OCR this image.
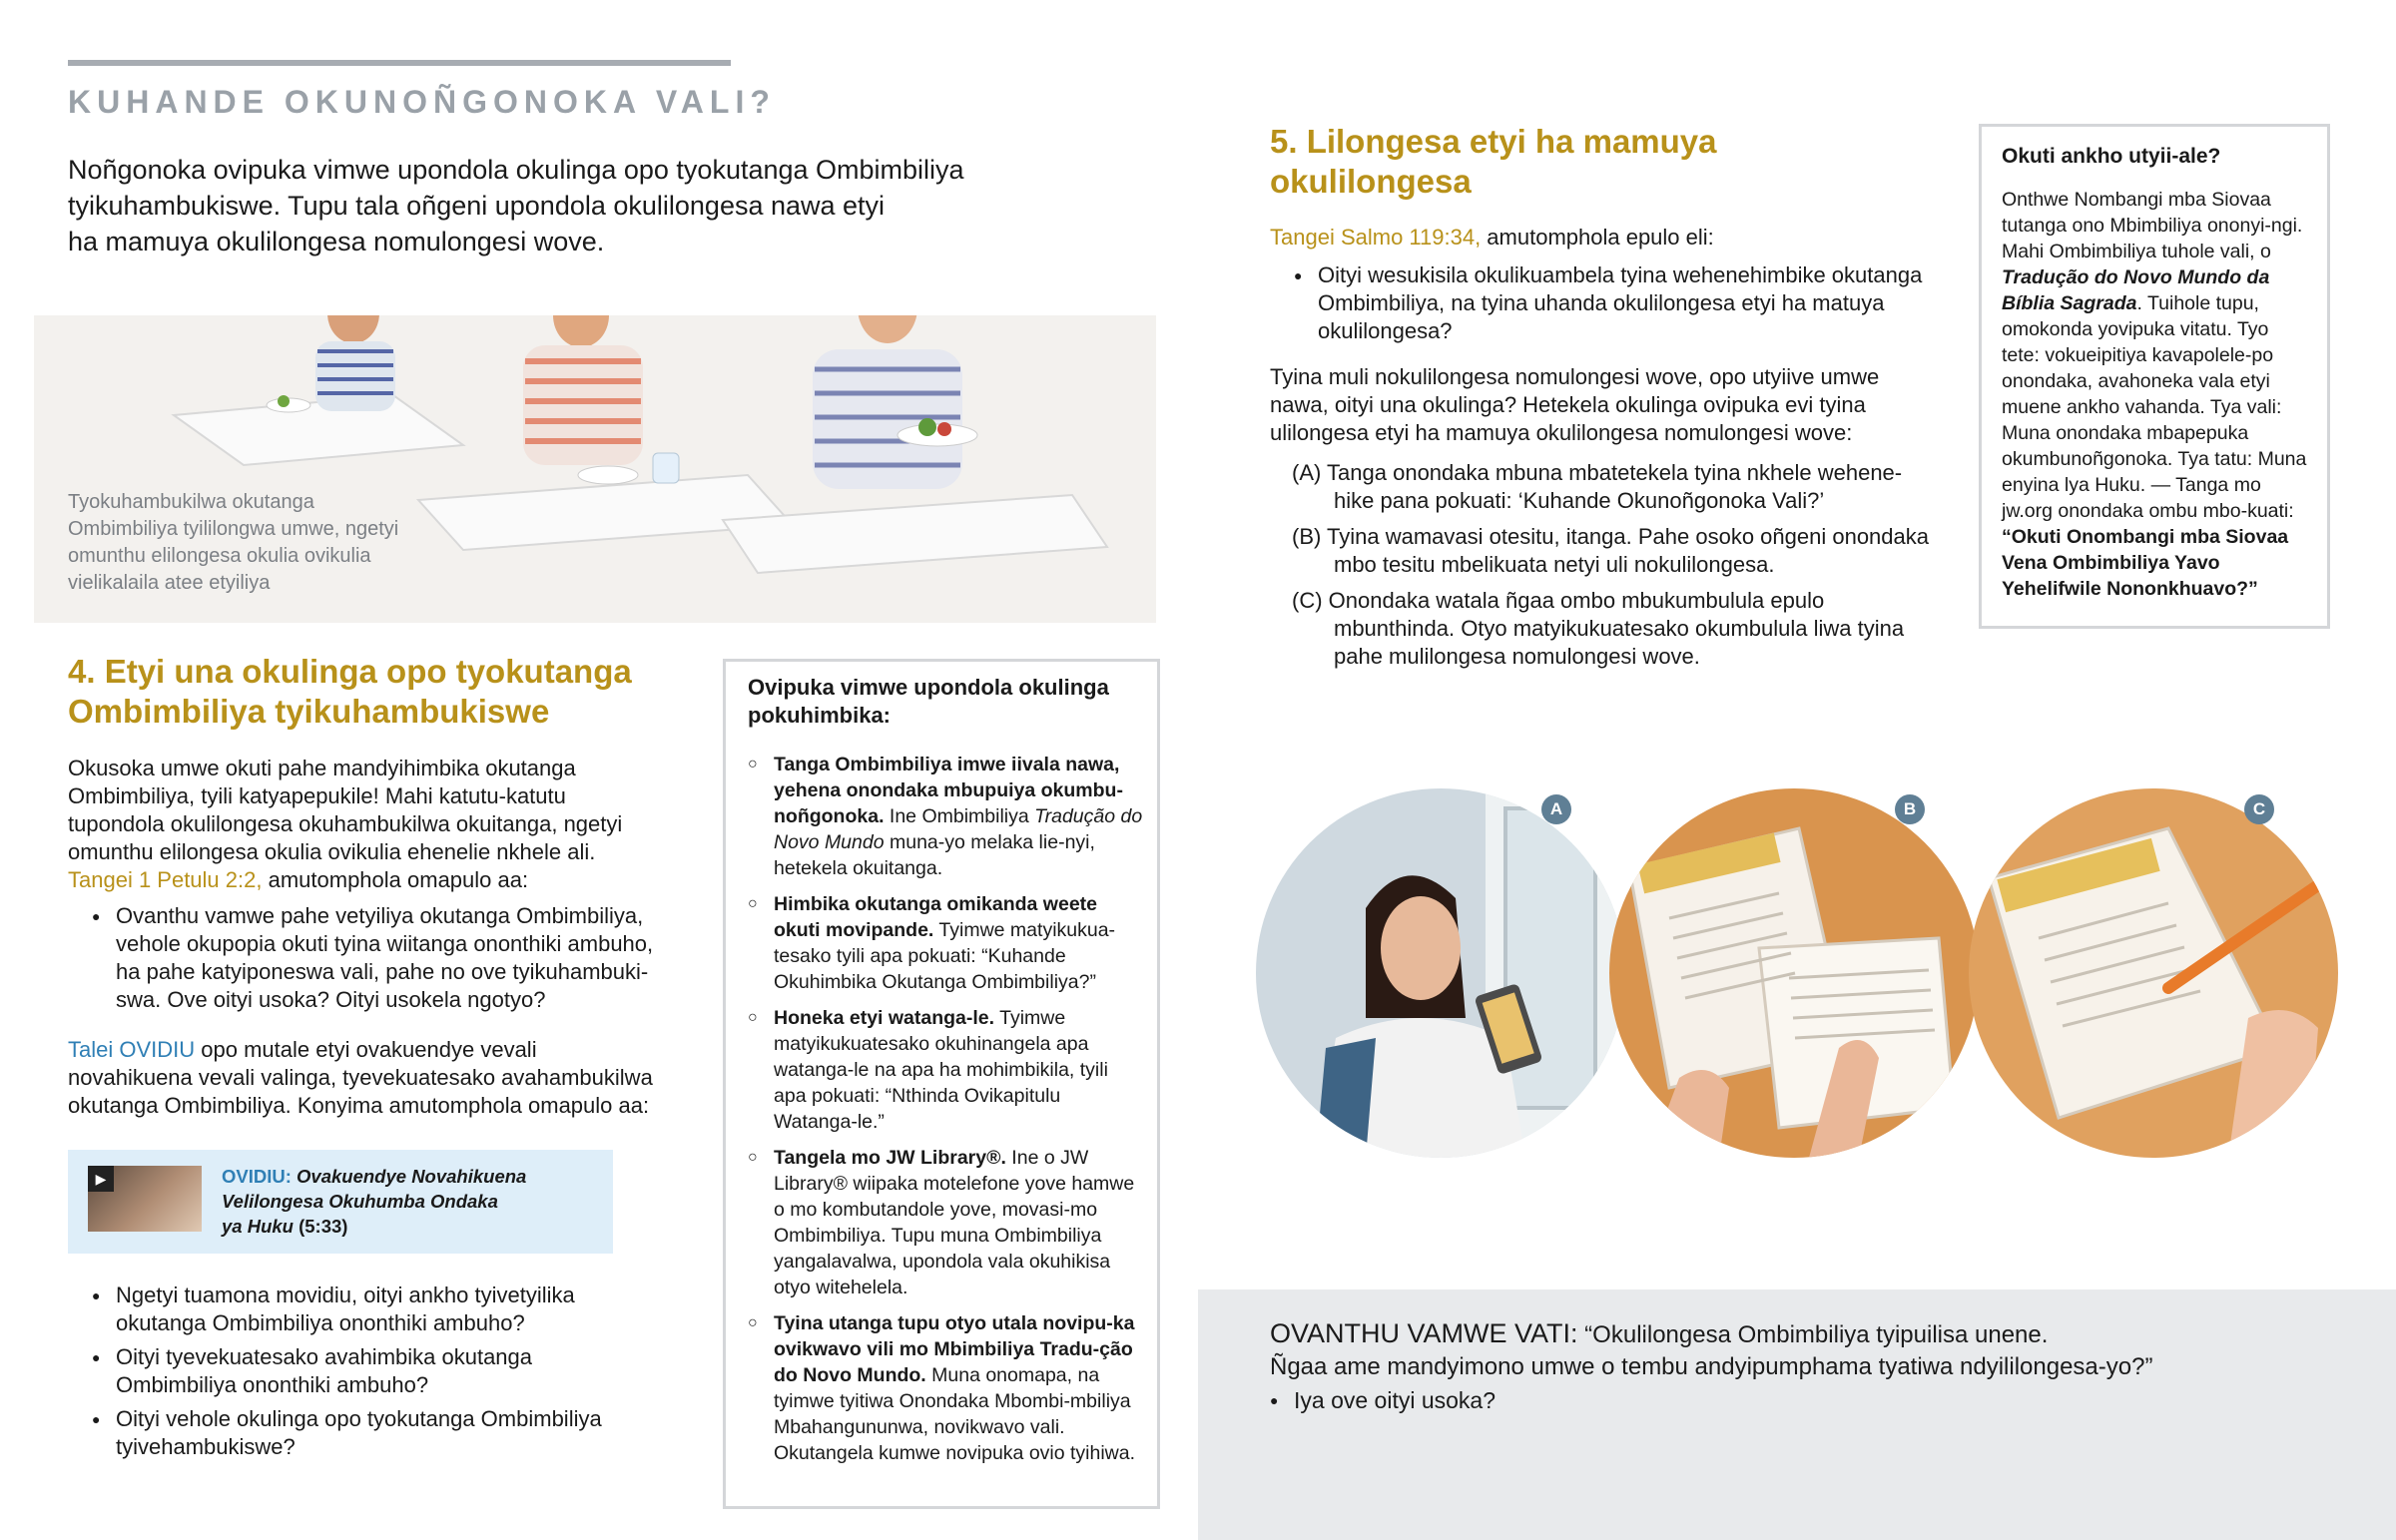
KUHANDE OKUNOÑGONOKA VALI?
Noñgonoka ovipuka vimwe upondola okulinga opo tyokutanga Ombimbiliya
tyikuhambukiswe. Tupu tala oñgeni upondola okulilongesa nawa etyi
ha mamuya okulilongesa nomulongesi wove.
Tyokuhambukilwa okutanga Ombimbiliya tyililongwa umwe, ngetyi omunthu elilongesa okulia ovikulia vielikalaila atee etyiliya
4. Etyi una okulinga opo tyokutanga Ombimbiliya tyikuhambukiswe
Okusoka umwe okuti pahe mandyihimbika okutanga Ombimbiliya, tyili katyapepukile! Mahi katutu-katutu tupondola okulilongesa okuhambukilwa okuitanga, ngetyi omunthu elilongesa okulia ovikulia ehenelie nkhele ali.
Tangei 1 Petulu 2:2, amutomphola omapulo aa:
● Ovanthu vamwe pahe vetyiliya okutanga Ombimbiliya, vehole okupopia okuti tyina wiitanga ononthiki ambuho, ha pahe katyiponeswa vali, pahe no ove tyikuhambuki-swa. Ove oityi usoka? Oityi usokela ngotyo?
Talei OVIDIU opo mutale etyi ovakuendye vevali novahikuena vevali valinga, tyevekuatesako avahambukilwa okutanga Ombimbiliya. Konyima amutomphola omapulo aa:
▶	OVIDIU: Ovakuendye Novahikuena
Velilongesa Okuhumba Ondaka
ya Huku (5:33)
● Ngetyi tuamona movidiu, oityi ankho tyivetyilika okutanga Ombimbiliya ononthiki ambuho?
● Oityi tyevekuatesako avahimbika okutanga Ombimbiliya ononthiki ambuho?
● Oityi vehole okulinga opo tyokutanga Ombimbiliya tyivehambukiswe?
Ovipuka vimwe upondola okulinga pokuhimbika:
○ Tanga Ombimbiliya imwe iivala nawa, yehena onondaka mbupuiya okumbu-noñgonoka. Ine Ombimbiliya Tradução do Novo Mundo muna-yo melaka lie-nyi, hetekela okuitanga.
○ Himbika okutanga omikanda weete okuti movipande. Tyimwe matyikukua-tesako tyili apa pokuati: “Kuhande Okuhimbika Okutanga Ombimbiliya?”
○ Honeka etyi watanga-le. Tyimwe matyikukuatesako okuhinangela apa watanga-le na apa ha mohimbikila, tyili apa pokuati: “Nthinda Ovikapitulu Watanga-le.”
○ Tangela mo JW Library®. Ine o JW Library® wiipaka motelefone yove hamwe o mo kombutandole yove, movasi-mo Ombimbiliya. Tupu muna Ombimbiliya yangalavalwa, upondola vala okuhikisa otyo witehelela.
○ Tyina utanga tupu otyo utala novipu-ka ovikwavo vili mo Mbimbiliya Tradu-ção do Novo Mundo. Muna onomapa, na tyimwe tyitiwa Onondaka Mbombi-mbiliya Mbahangununwa, novikwavo vali. Okutangela kumwe novipuka ovio tyihiwa.
5. Lilongesa etyi ha mamuya
okulilongesa
Tangei Salmo 119:34, amutomphola epulo eli:
● Oityi wesukisila okulikuambela tyina wehenehimbike okutanga Ombimbiliya, na tyina uhanda okulilongesa etyi ha matuya okulilongesa?
Tyina muli nokulilongesa nomulongesi wove, opo utyiive umwe nawa, oityi una okulinga? Hetekela okulinga ovipuka evi tyina ulilongesa etyi ha mamuya okulilongesa nomulongesi wove:
(A) Tanga onondaka mbuna mbatetekela tyina nkhele wehene-hike pana pokuati: ‘Kuhande Okunoñgonoka Vali?’
(B) Tyina wamavasi otesitu, itanga. Pahe osoko oñgeni onondaka mbo tesitu mbelikuata netyi uli nokulilongesa.
(C) Onondaka watala ñgaa ombo mbukumbulula epulo mbunthinda. Otyo matyikukuatesako okumbulula liwa tyina pahe mulilongesa nomulongesi wove.
Okuti ankho utyii-ale?
Onthwe Nombangi mba Siovaa tutanga ono Mbimbiliya ononyi-ngi. Mahi Ombimbiliya tuhole vali, o Tradução do Novo Mundo da Bíblia Sagrada. Tuihole tupu, omokonda yovipuka vitatu. Tyo tete: vokueipitiya kavapolele-po onondaka, avahoneka vala etyi muene ankho vahanda. Tya vali: Muna onondaka mbapepuka okumbunoñgonoka. Tya tatu: Muna enyina lya Huku. — Tanga mo jw.org onondaka ombu mbo-kuati: “Okuti Onombangi mba Siovaa Vena Ombimbiliya Yavo Yehelifwile Nononkhuavo?”
A	B	C
OVANTHU VAMWE VATI: “Okulilongesa Ombimbiliya tyipuilisa unene.
Ñgaa ame mandyimono umwe o tembu andyipumphama tyatiwa ndyililongesa-yo?”
● Iya ove oityi usoka?
